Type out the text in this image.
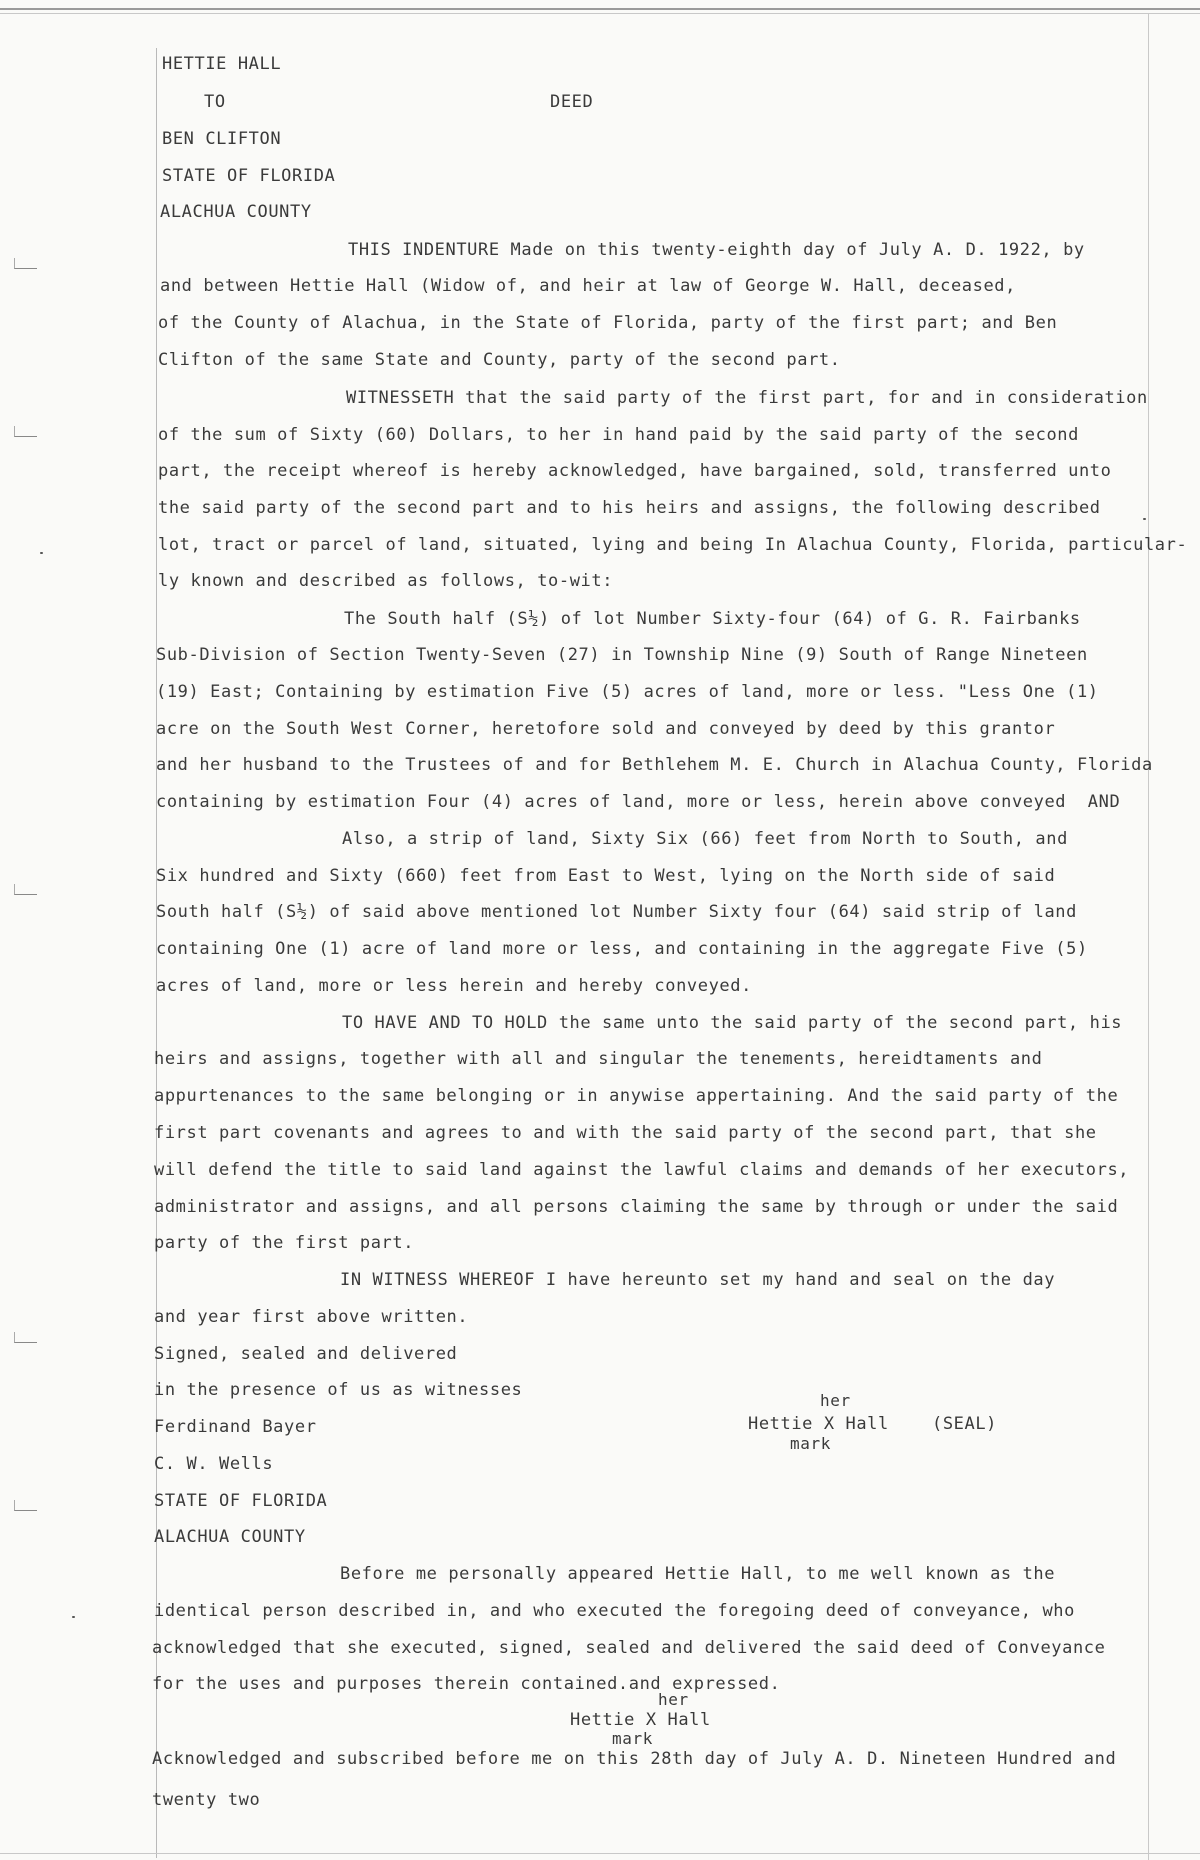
HETTIE HALL
TO	DEED
BEN CLIFTON
STATE OF FLORIDA
ALACHUA COUNTY
THIS INDENTURE Made on this twenty-eighth day of July A. D. 1922, by
and between Hettie Hall (Widow of, and heir at law of George W. Hall, deceased,
of the County of Alachua, in the State of Florida, party of the first part; and Ben
Clifton of the same State and County, party of the second part.
WITNESSETH that the said party of the first part, for and in consideration
of the sum of Sixty (60) Dollars, to her in hand paid by the said party of the second
part, the receipt whereof is hereby acknowledged, have bargained, sold, transferred unto
the said party of the second part and to his heirs and assigns, the following described
lot, tract or parcel of land, situated, lying and being In Alachua County, Florida, particular-
ly known and described as follows, to-wit:
The South half (S½) of lot Number Sixty-four (64) of G. R. Fairbanks
Sub-Division of Section Twenty-Seven (27) in Township Nine (9) South of Range Nineteen
(19) East; Containing by estimation Five (5) acres of land, more or less. "Less One (1)
acre on the South West Corner, heretofore sold and conveyed by deed by this grantor
and her husband to the Trustees of and for Bethlehem M. E. Church in Alachua County, Florida
containing by estimation Four (4) acres of land, more or less, herein above conveyed  AND
Also, a strip of land, Sixty Six (66) feet from North to South, and
Six hundred and Sixty (660) feet from East to West, lying on the North side of said
South half (S½) of said above mentioned lot Number Sixty four (64) said strip of land
containing One (1) acre of land more or less, and containing in the aggregate Five (5)
acres of land, more or less herein and hereby conveyed.
TO HAVE AND TO HOLD the same unto the said party of the second part, his
heirs and assigns, together with all and singular the tenements, hereidtaments and
appurtenances to the same belonging or in anywise appertaining. And the said party of the
first part covenants and agrees to and with the said party of the second part, that she
will defend the title to said land against the lawful claims and demands of her executors,
administrator and assigns, and all persons claiming the same by through or under the said
party of the first part.
IN WITNESS WHEREOF I have hereunto set my hand and seal on the day
and year first above written.
Signed, sealed and delivered
in the presence of us as witnesses
Ferdinand Bayer
C. W. Wells
STATE OF FLORIDA
ALACHUA COUNTY
Before me personally appeared Hettie Hall, to me well known as the
identical person described in, and who executed the foregoing deed of conveyance, who
acknowledged that she executed, signed, sealed and delivered the said deed of Conveyance
for the uses and purposes therein contained.and expressed.
Acknowledged and subscribed before me on this 28th day of July A. D. Nineteen Hundred and
twenty two
her
Hettie X Hall	(SEAL)
mark
her
Hettie X Hall
mark
